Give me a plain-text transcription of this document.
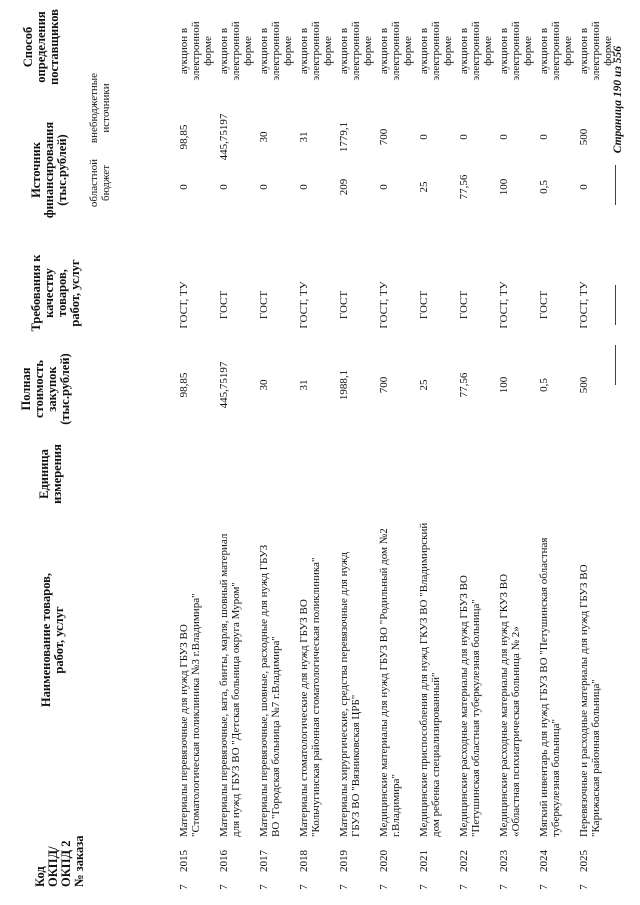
Код
ОКПД/
ОКПД 2
№ заказа
Наименование товаров,
работ, услуг
Единица
измерения
Полная
стоимость
закупок
(тыс.рублей)
Требования к
качеству товаров,
работ, услуг
Источник
финансирования
(тыс.рублей) областной
бюджет
внебюджетные
источники
Способ
определения
поставщиков
7
2015
Материалы перевязочные для нужд ГБУЗ ВО
"Стоматологическая поликлиника №3 г.Владимира"
98,85
ГОСТ, ТУ
0
98,85
аукцион в
электронной
форме
7
2016
Материалы перевязочные, вата, бинты, марля, шовный материал
для нужд ГБУЗ ВО "Детская больница округа Муром"
445,75197
ГОСТ
0
445,75197
аукцион в
электронной
форме
7
2017
Материалы перевязочные, шовные, расходные для нужд ГБУЗ
ВО "Городская больница №7 г.Владимира"
30
ГОСТ
0
30
аукцион в
электронной
форме
7
2018
Материалы стоматологические для нужд ГБУЗ ВО
"Кольчугинская районная стоматологическая поликлиника"
31
ГОСТ, ТУ
0
31
аукцион в
электронной
форме
7
2019
Материалы хирургические, средства перевязочные для нужд
ГБУЗ ВО "Вязниковская ЦРБ"
1988,1
ГОСТ
209
1779,1
аукцион в
электронной
форме
7
2020
Медицинские материалы для нужд ГБУЗ ВО "Родильный дом №2
г.Владимира"
700
ГОСТ, ТУ
0
700
аукцион в
электронной
форме
7
2021
Медицинские приспособления для нужд ГКУЗ ВО "Владимирский
дом ребенка специализированный"
25
ГОСТ
25
0
аукцион в
электронной
форме
7
2022
Медицинские расходные материалы для нужд ГБУЗ ВО
"Петушинская областная туберкулезная больница"
77,56
ГОСТ
77,56
0
аукцион в
электронной
форме
7
2023
Медицинские расходные материалы для нужд ГКУЗ ВО
«Областная психиатрическая больница № 2»
100
ГОСТ, ТУ
100
0
аукцион в
электронной
форме
7
2024
Мягкий инвентарь для нужд ГБУЗ ВО "Петушинская областная
туберкулезная больница"
0,5
ГОСТ
0,5
0
аукцион в
электронной
форме
7
2025
Перевязочные и расходные материалы для нужд ГБУЗ ВО
"Карижаская районная больница"
500
ГОСТ, ТУ
0
500
аукцион в
электронной
форме
Страница 190 из 556
